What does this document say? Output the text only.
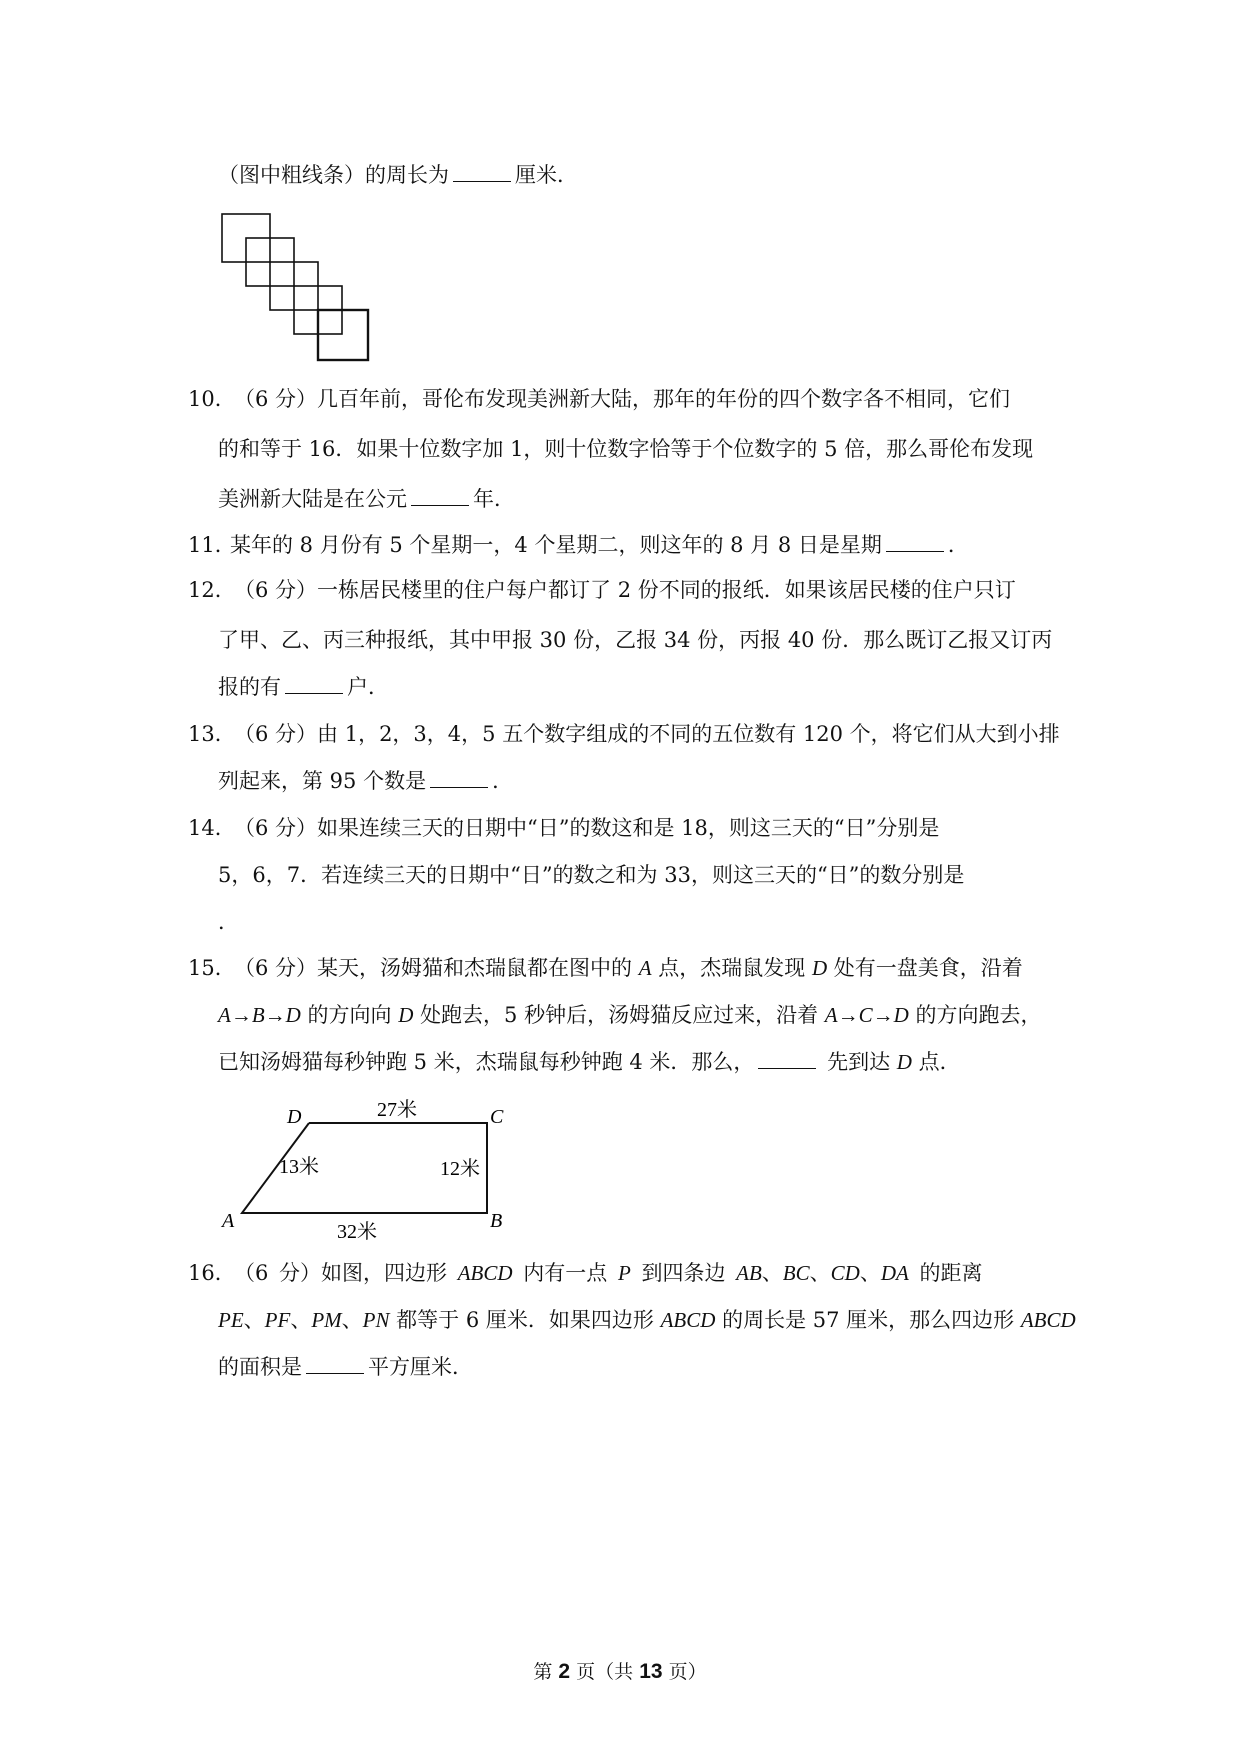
（图中粗线条）的周长为	厘米．
10．
（6 分）几百年前，哥伦布发现美洲新大陆，那年的年份的四个数字各不相同，它们
的和等于 16．如果十位数字加 1，则十位数字恰等于个位数字的 5 倍，那么哥伦布发现
美洲新大陆是在公元	年．
11．
某年的 8 月份有 5 个星期一，4 个星期二，则这年的 8 月 8 日是星期	．
12．
（6 分）一栋居民楼里的住户每户都订了 2 份不同的报纸．如果该居民楼的住户只订
了甲、乙、丙三种报纸，其中甲报 30 份，乙报 34 份，丙报 40 份．那么既订乙报又订丙
报的有	户．
13．
（6 分）由 1，2，3，4，5 五个数字组成的不同的五位数有 120 个，将它们从大到小排
列起来，第 95 个数是	．
14．
（6 分）如果连续三天的日期中“日”的数这和是 18，则这三天的“日”分别是
5，6，7．若连续三天的日期中“日”的数之和为 33，则这三天的“日”的数分别是
．
15．
（6 分）某天，汤姆猫和杰瑞鼠都在图中的 A 点，杰瑞鼠发现 D 处有一盘美食，沿着
A→B→D 的方向向 D 处跑去，5 秒钟后，汤姆猫反应过来，沿着 A→C→D 的方向跑去，
已知汤姆猫每秒钟跑 5 米，杰瑞鼠每秒钟跑 4 米．那么，	先到达 D 点．
D	C
B
A
27米
32米
13米	12米
16．
（6 分）如图，四边形 ABCD 内有一点 P 到四条边 AB、BC、CD、DA 的距离
PE、PF、PM、PN 都等于 6 厘米．如果四边形 ABCD 的周长是 57 厘米，那么四边形 ABCD
的面积是	平方厘米．
第 2 页（共 13 页）
